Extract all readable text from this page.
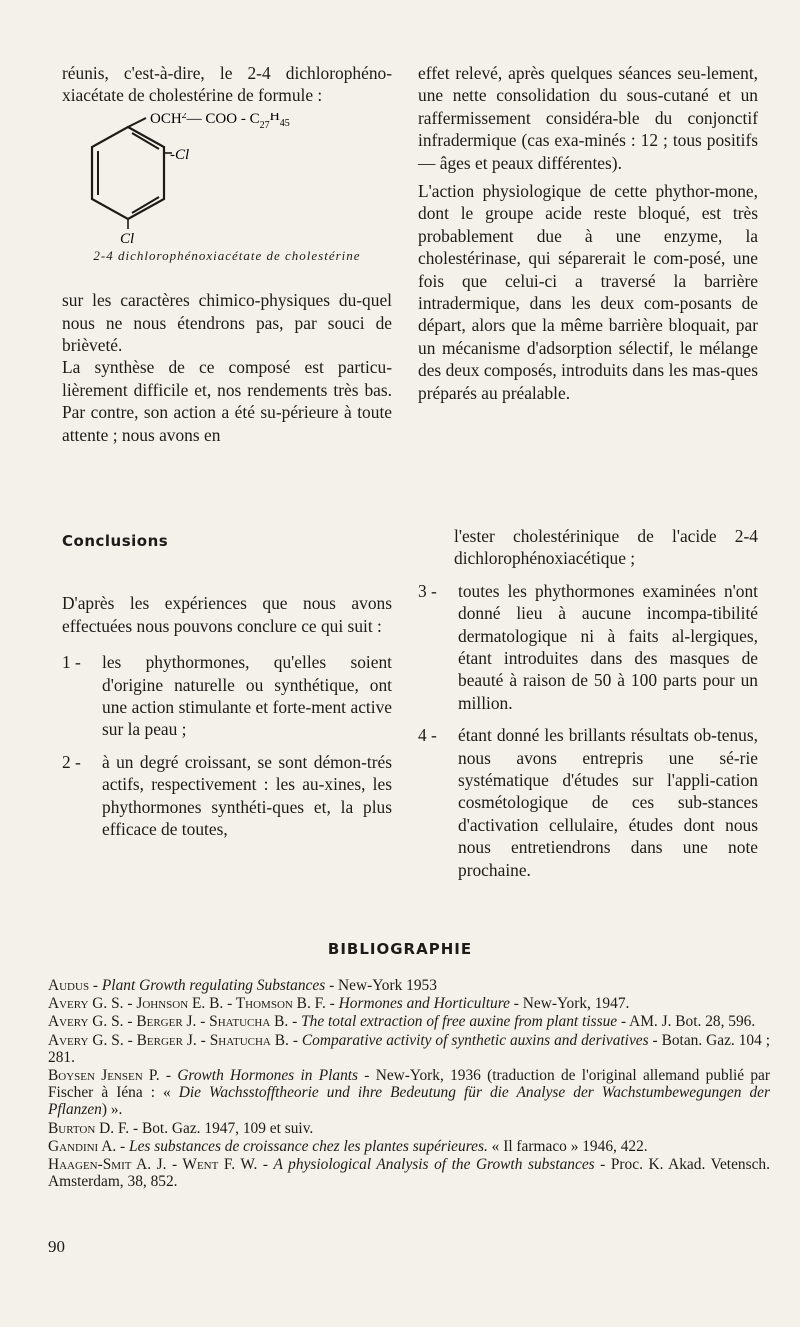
réunis, c'est-à-dire, le 2-4 dichlorophéno-xiacétate de cholestérine de formule :

OCH$^2$— COO - $C_{27}H_{45}$
-Cl
Cl

2-4 dichlorophénoxiacétate de cholestérine

sur les caractères chimico-physiques du-quel nous ne nous étendrons pas, par souci de brièveté.

La synthèse de ce composé est particu-lièrement difficile et, nos rendements très bas. Par contre, son action a été su-périeure à toute attente ; nous avons en

effet relevé, après quelques séances seu-lement, une nette consolidation du sous-cutané et un raffermissement considéra-ble du conjonctif infradermique (cas exa-minés : 12 ; tous positifs — âges et peaux différentes).

L'action physiologique de cette phythor-mone, dont le groupe acide reste bloqué, est très probablement due à une enzyme, la cholestérinase, qui séparerait le com-posé, une fois que celui-ci a traversé la barrière intradermique, dans les deux com-posants de départ, alors que la même barrière bloquait, par un mécanisme d'adsorption sélectif, le mélange des deux composés, introduits dans les mas-ques préparés au préalable.

Conclusions

D'après les expériences que nous avons effectuées nous pouvons conclure ce qui suit :

1 - les phythormones, qu'elles soient d'origine naturelle ou synthétique, ont une action stimulante et forte-ment active sur la peau ;
2 - à un degré croissant, se sont démon-trés actifs, respectivement : les au-xines, les phythormones synthéti-ques et, la plus efficace de toutes,

l'ester cholestérinique de l'acide 2-4 dichlorophénoxiacétique ;

3 - toutes les phythormones examinées n'ont donné lieu à aucune incompa-tibilité dermatologique ni à faits al-lergiques, étant introduites dans des masques de beauté à raison de 50 à 100 parts pour un million.
4 - étant donné les brillants résultats ob-tenus, nous avons entrepris une sé-rie systématique d'études sur l'appli-cation cosmétologique de ces sub-stances d'activation cellulaire, études dont nous nous entretiendrons dans une note prochaine.
BIBLIOGRAPHIE

Audus - Plant Growth regulating Substances - New-York 1953

Avery G. S. - Johnson E. B. - Thomson B. F. - Hormones and Horticulture - New-York, 1947.

Avery G. S. - Berger J. - Shatucha B. - The total extraction of free auxine from plant tissue - AM. J. Bot. 28, 596.

Avery G. S. - Berger J. - Shatucha B. - Comparative activity of synthetic auxins and derivatives - Botan. Gaz. 104 ; 281.

Boysen Jensen P. - Growth Hormones in Plants - New-York, 1936 (traduction de l'original allemand publié par Fischer à Iéna : « Die Wachsstofftheorie und ihre Bedeutung für die Analyse der Wachstumbewegungen der Pflanzen) ».

Burton D. F. - Bot. Gaz. 1947, 109 et suiv.

Gandini A. - Les substances de croissance chez les plantes supérieures. « Il farmaco » 1946, 422.

Haagen-Smit A. J. - Went F. W. - A physiological Analysis of the Growth substances - Proc. K. Akad. Vetensch. Amsterdam, 38, 852.

90
